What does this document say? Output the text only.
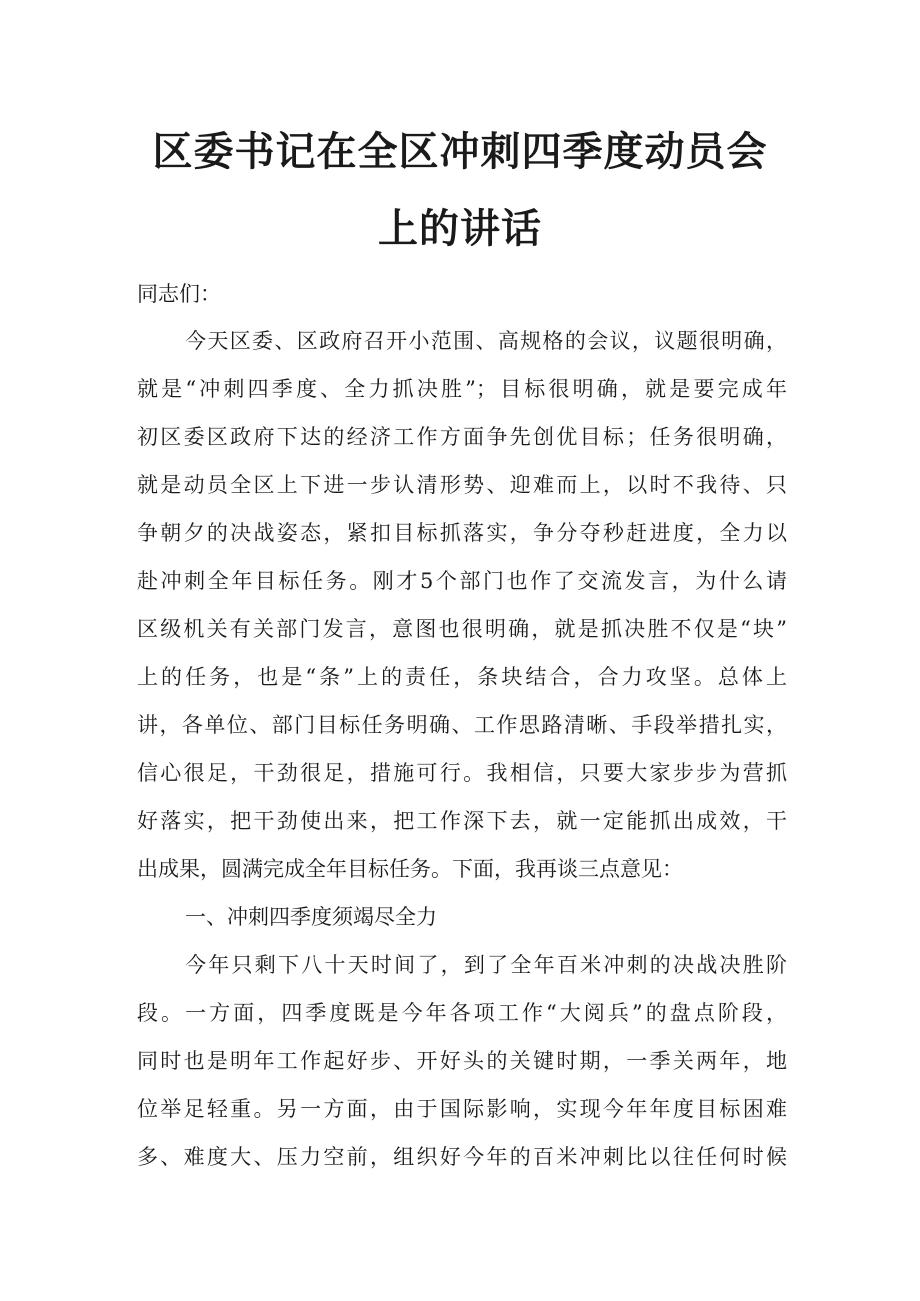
区委书记在全区冲刺四季度动员会
上的讲话
同志们：
今天区委、区政府召开小范围、高规格的会议，议题很明确，
就是“冲刺四季度、全力抓决胜”；目标很明确，就是要完成年
初区委区政府下达的经济工作方面争先创优目标；任务很明确，
就是动员全区上下进一步认清形势、迎难而上，以时不我待、只
争朝夕的决战姿态，紧扣目标抓落实，争分夺秒赶进度，全力以
赴冲刺全年目标任务。刚才5个部门也作了交流发言，为什么请
区级机关有关部门发言，意图也很明确，就是抓决胜不仅是“块”
上的任务，也是“条”上的责任，条块结合，合力攻坚。总体上
讲，各单位、部门目标任务明确、工作思路清晰、手段举措扎实，
信心很足，干劲很足，措施可行。我相信，只要大家步步为营抓
好落实，把干劲使出来，把工作深下去，就一定能抓出成效，干
出成果，圆满完成全年目标任务。下面，我再谈三点意见：
一、冲刺四季度须竭尽全力
今年只剩下八十天时间了，到了全年百米冲刺的决战决胜阶
段。一方面，四季度既是今年各项工作“大阅兵”的盘点阶段，
同时也是明年工作起好步、开好头的关键时期，一季关两年，地
位举足轻重。另一方面，由于国际影响，实现今年年度目标困难
多、难度大、压力空前，组织好今年的百米冲刺比以往任何时候
